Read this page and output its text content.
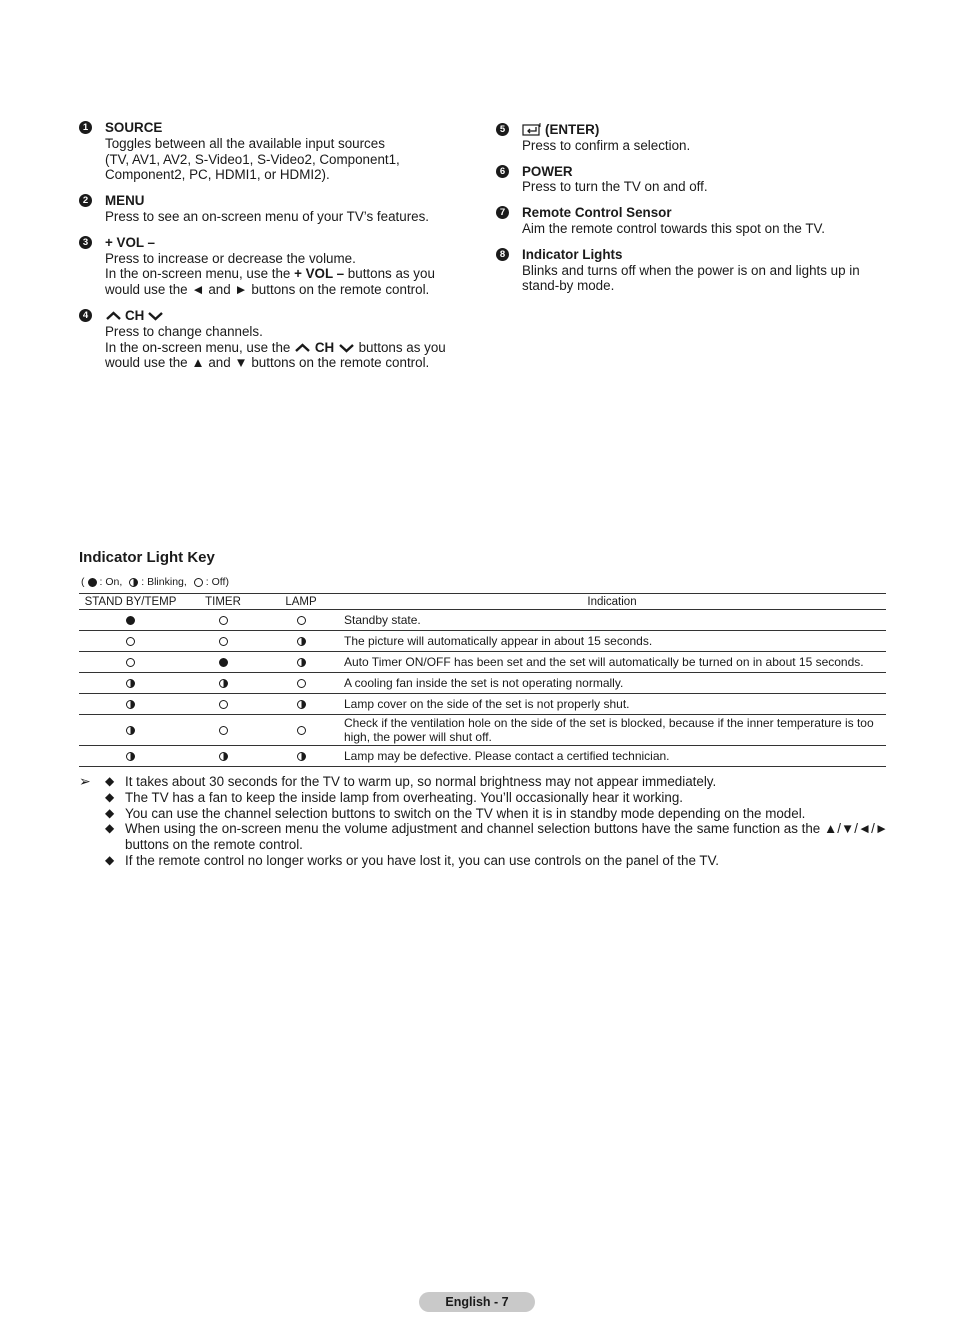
1 SOURCE
Toggles between all the available input sources
(TV, AV1, AV2, S-Video1, S-Video2, Component1,
Component2, PC, HDMI1, or HDMI2).
2 MENU
Press to see an on-screen menu of your TV’s features.
3 + VOL –
Press to increase or decrease the volume.
In the on-screen menu, use the + VOL – buttons as you
would use the ◄ and ► buttons on the remote control.
4	CH
Press to change channels.
In the on-screen menu, use the  CH  buttons as you
would use the ▲ and ▼ buttons on the remote control.
5	(ENTER)
Press to confirm a selection.
6 POWER
Press to turn the TV on and off.
7 Remote Control Sensor
Aim the remote control towards this spot on the TV.
8 Indicator Lights
Blinks and turns off when the power is on and lights up in
stand-by mode.
Indicator Light Key
( : On, : Blinking, : Off)
STAND BY/TEMP	TIMER	LAMP	Indication
			Standby state.
			The picture will automatically appear in about 15 seconds.
			Auto Timer ON/OFF has been set and the set will automatically be turned on in about 15 seconds.
			A cooling fan inside the set is not operating normally.
			Lamp cover on the side of the set is not properly shut.
			Check if the ventilation hole on the side of the set is blocked, because if the inner temperature is too high, the power will shut off.
			Lamp may be defective. Please contact a certified technician.
➢ ◆ It takes about 30 seconds for the TV to warm up, so normal brightness may not appear immediately.
◆ The TV has a fan to keep the inside lamp from overheating. You’ll occasionally hear it working.
◆ You can use the channel selection buttons to switch on the TV when it is in standby mode depending on the model.
◆ When using the on-screen menu the volume adjustment and channel selection buttons have the same function as the ▲/▼/◄/► buttons on the remote control.
◆ If the remote control no longer works or you have lost it, you can use controls on the panel of the TV.
English - 7
